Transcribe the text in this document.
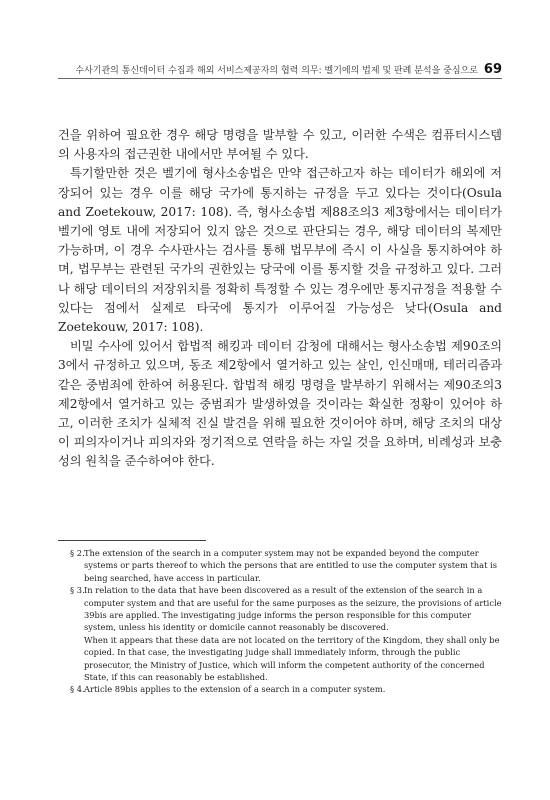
수사기관의 통신데이터 수집과 해외 서비스제공자의 협력 의무: 벨기에의 법제 및 판례 분석을 중심으로 69

건을 위하여 필요한 경우 해당 명령을 발부할 수 있고, 이러한 수색은 컴퓨터시스템의 사용자의 접근권한 내에서만 부여될 수 있다.

특기할만한 것은 벨기에 형사소송법은 만약 접근하고자 하는 데이터가 해외에 저장되어 있는 경우 이를 해당 국가에 통지하는 규정을 두고 있다는 것이다(Osula and Zoetekouw, 2017: 108). 즉, 형사소송법 제88조의3 제3항에서는 데이터가 벨기에 영토 내에 저장되어 있지 않은 것으로 판단되는 경우, 해당 데이터의 복제만 가능하며, 이 경우 수사판사는 검사를 통해 법무부에 즉시 이 사실을 통지하여야 하며, 법무부는 관련된 국가의 권한있는 당국에 이를 통지할 것을 규정하고 있다. 그러나 해당 데이터의 저장위치를 정확히 특정할 수 있는 경우에만 통지규정을 적용할 수 있다는 점에서 실제로 타국에 통지가 이루어질 가능성은 낮다(Osula and Zoetekouw, 2017: 108).

비밀 수사에 있어서 합법적 해킹과 데이터 감청에 대해서는 형사소송법 제90조의3에서 규정하고 있으며, 동조 제2항에서 열거하고 있는 살인, 인신매매, 테러리즘과 같은 중범죄에 한하여 허용된다. 합법적 해킹 명령을 발부하기 위해서는 제90조의3 제2항에서 열거하고 있는 중범죄가 발생하였을 것이라는 확실한 정황이 있어야 하고, 이러한 조치가 실체적 진실 발견을 위해 필요한 것이어야 하며, 해당 조치의 대상이 피의자이거나 피의자와 정기적으로 연락을 하는 자일 것을 요하며, 비례성과 보충성의 원칙을 준수하여야 한다.

§ 2. The extension of the search in a computer system may not be expanded beyond the computer systems or parts thereof to which the persons that are entitled to use the computer system that is being searched, have access in particular.
§ 3. In relation to the data that have been discovered as a result of the extension of the search in a computer system and that are useful for the same purposes as the seizure, the provisions of article 39bis are applied. The investigating judge informs the person responsible for this computer system, unless his identity or domicile cannot reasonably be discovered.
When it appears that these data are not located on the territory of the Kingdom, they shall only be copied. In that case, the investigating judge shall immediately inform, through the public prosecutor, the Ministry of Justice, which will inform the competent authority of the concerned State, if this can reasonably be established.
§ 4. Article 89bis applies to the extension of a search in a computer system.
